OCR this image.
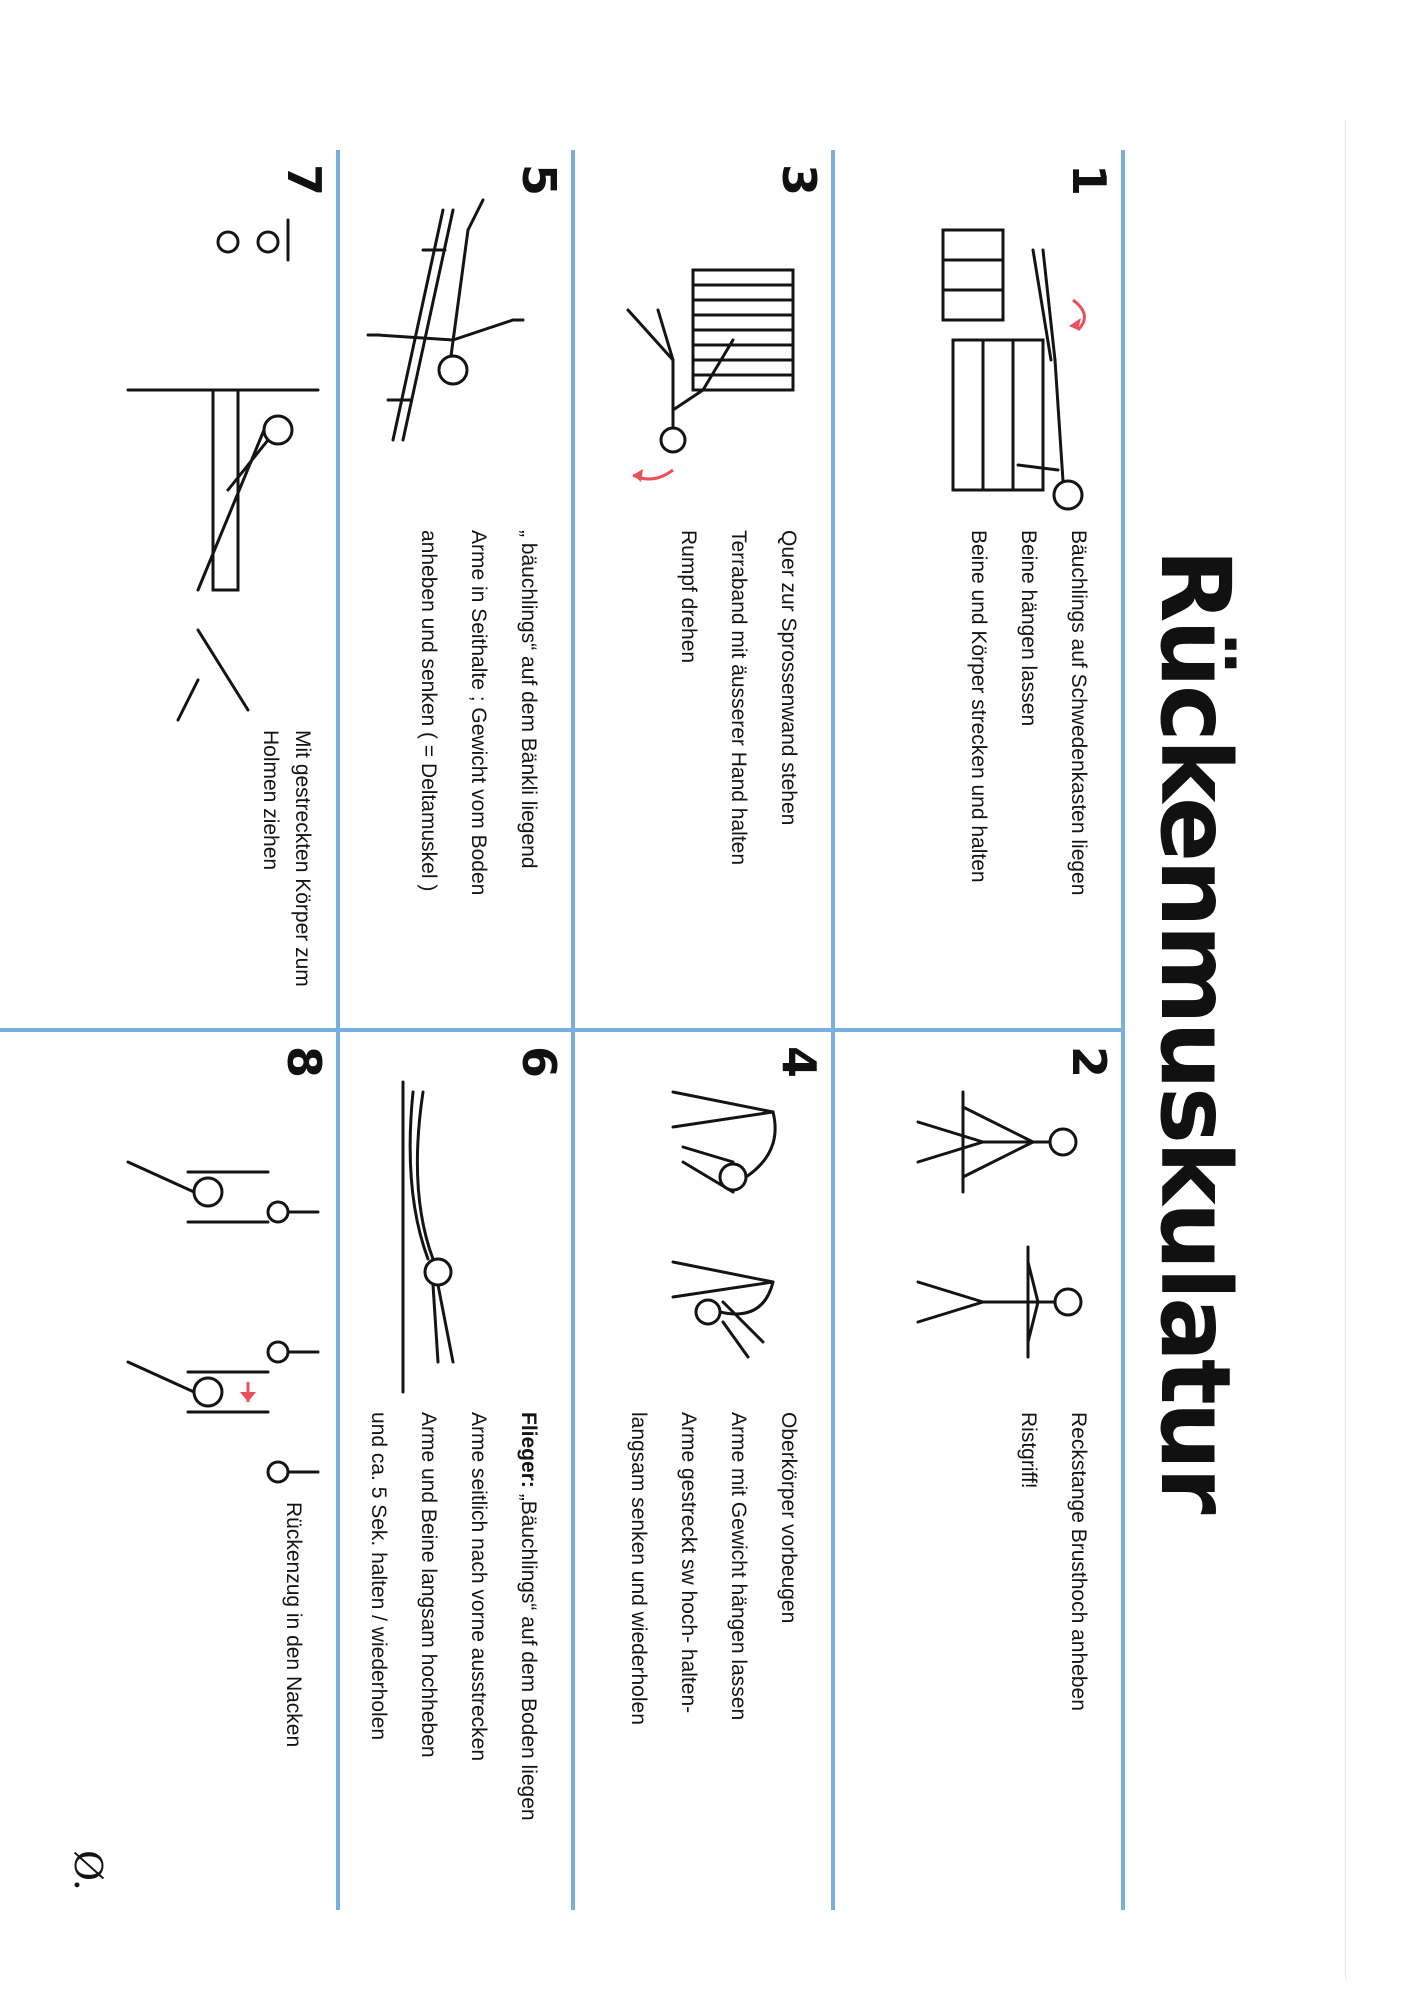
Rückenmuskulatur
1
Bäuchlings auf Schwedenkasten liegen
Beine hängen lassen
Beine und Körper strecken und halten
2
Reckstange Brusthoch anheben
Ristgriff!
3
Quer zur Sprossenwand stehen
Terraband mit äusserer Hand halten
Rumpf drehen
4
Oberkörper vorbeugen
Arme mit Gewicht hängen lassen
Arme gestreckt sw hoch- halten-
langsam senken und wiederholen
5
„ bäuchlings“ auf dem Bänkli liegend
Arme in Seithalte ; Gewicht vom Boden
anheben und senken ( = Deltamuskel )
6
Flieger: „Bäuchlings“ auf dem Boden liegen
Arme seitlich nach vorne ausstrecken
Arme und Beine langsam hochheben
und ca. 5 Sek. halten / wiederholen
7
Mit gestreckten Körper zum Holmen ziehen
8
Rückenzug in den Nacken
Ø.
